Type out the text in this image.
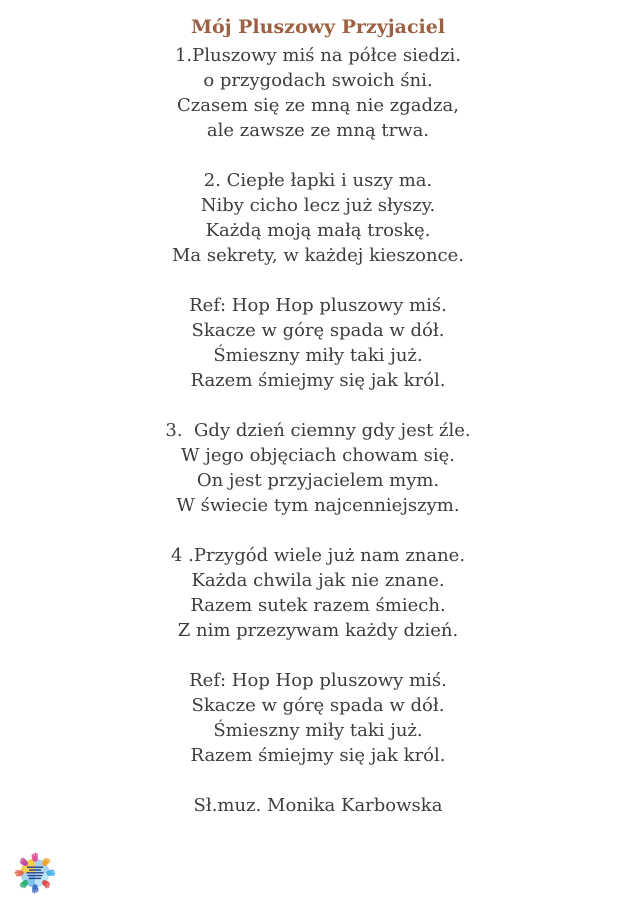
Mój Pluszowy Przyjaciel
1.Pluszowy miś na półce siedzi.
o przygodach swoich śni.
Czasem się ze mną nie zgadza,
ale zawsze ze mną trwa.
2. Ciepłe łapki i uszy ma.
Niby cicho lecz już słyszy.
Każdą moją małą troskę.
Ma sekrety, w każdej kieszonce.
Ref: Hop Hop pluszowy miś.
Skacze w górę spada w dół.
Śmieszny miły taki już.
Razem śmiejmy się jak król.
3.  Gdy dzień ciemny gdy jest źle.
W jego objęciach chowam się.
On jest przyjacielem mym.
W świecie tym najcenniejszym.
4 .Przygód wiele już nam znane.
Każda chwila jak nie znane.
Razem sutek razem śmiech.
Z nim przezywam każdy dzień.
Ref: Hop Hop pluszowy miś.
Skacze w górę spada w dół.
Śmieszny miły taki już.
Razem śmiejmy się jak król.
Sł.muz. Monika Karbowska
